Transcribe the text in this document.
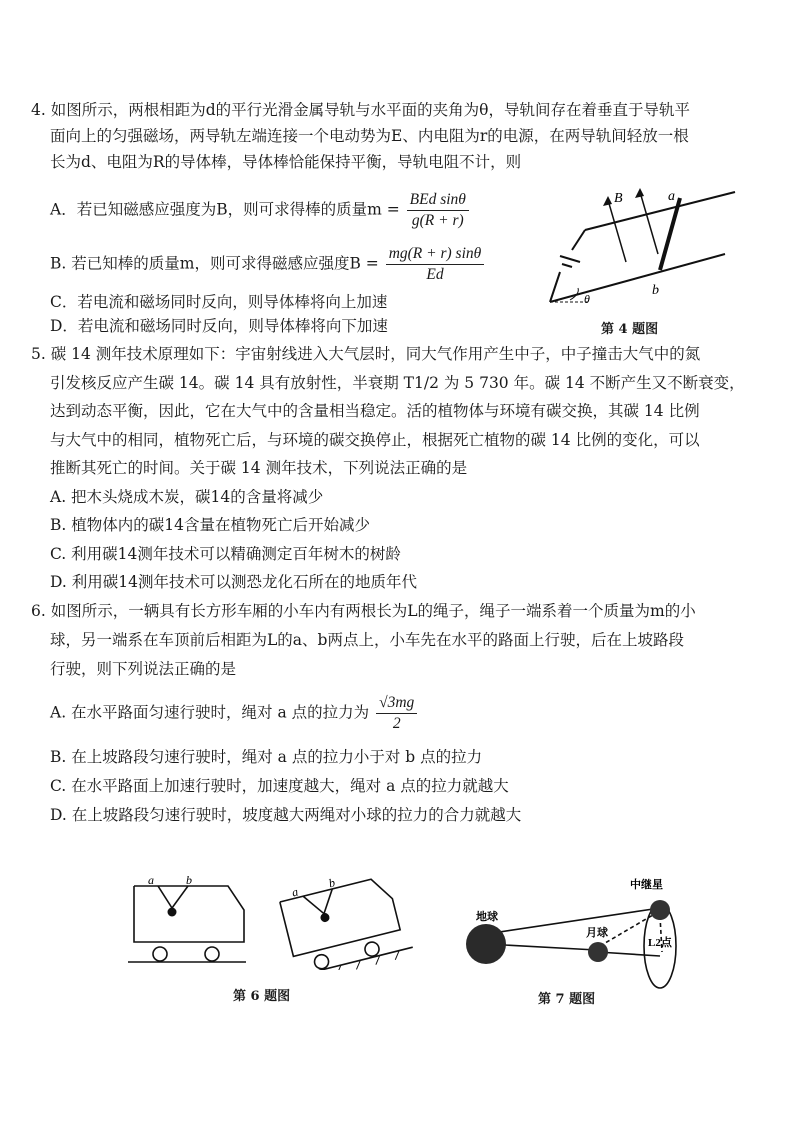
4. 如图所示，两根相距为d的平行光滑金属导轨与水平面的夹角为θ，导轨间存在着垂直于导轨平
面向上的匀强磁场，两导轨左端连接一个电动势为E、内电阻为r的电源，在两导轨间轻放一根
长为d、电阻为R的导体棒，导体棒恰能保持平衡，导轨电阻不计，则
A．若已知磁感应强度为B，则可求得棒的质量$m = \frac{\text{BEd sinθ}}{g(R + r)}$
B. 若已知棒的质量m，则可求得磁感应强度$B = \frac{mg(R + r) \sin\theta}{Ed}$
C．若电流和磁场同时反向，则导体棒将向上加速
D．若电流和磁场同时反向，则导体棒将向下加速
B	a
b
θ
第 4 题图
5. 碳 14 测年技术原理如下：宇宙射线进入大气层时，同大气作用产生中子，中子撞击大气中的氮
引发核反应产生碳 14。碳 14 具有放射性，半衰期 T1/2 为 5 730 年。碳 14 不断产生又不断衰变，
达到动态平衡，因此，它在大气中的含量相当稳定。活的植物体与环境有碳交换，其碳 14 比例
与大气中的相同，植物死亡后，与环境的碳交换停止，根据死亡植物的碳 14 比例的变化，可以
推断其死亡的时间。关于碳 14 测年技术，下列说法正确的是
A. 把木头烧成木炭，碳14的含量将减少
B. 植物体内的碳14含量在植物死亡后开始减少
C. 利用碳14测年技术可以精确测定百年树木的树龄
D. 利用碳14测年技术可以测恐龙化石所在的地质年代
6. 如图所示，一辆具有长方形车厢的小车内有两根长为L的绳子，绳子一端系着一个质量为m的小
球，另一端系在车顶前后相距为L的a、b两点上，小车先在水平的路面上行驶，后在上坡路段
行驶，则下列说法正确的是
A. 在水平路面匀速行驶时，绳对 a 点的拉力为 $\frac{√3mg}{2}$
B. 在上坡路段匀速行驶时，绳对 a 点的拉力小于对 b 点的拉力
C. 在水平路面上加速行驶时，加速度越大，绳对 a 点的拉力就越大
D. 在上坡路段匀速行驶时，坡度越大两绳对小球的拉力的合力就越大
a	b
a
b
第 6 题图
地球
月球
中继星
L2点
第 7 题图
